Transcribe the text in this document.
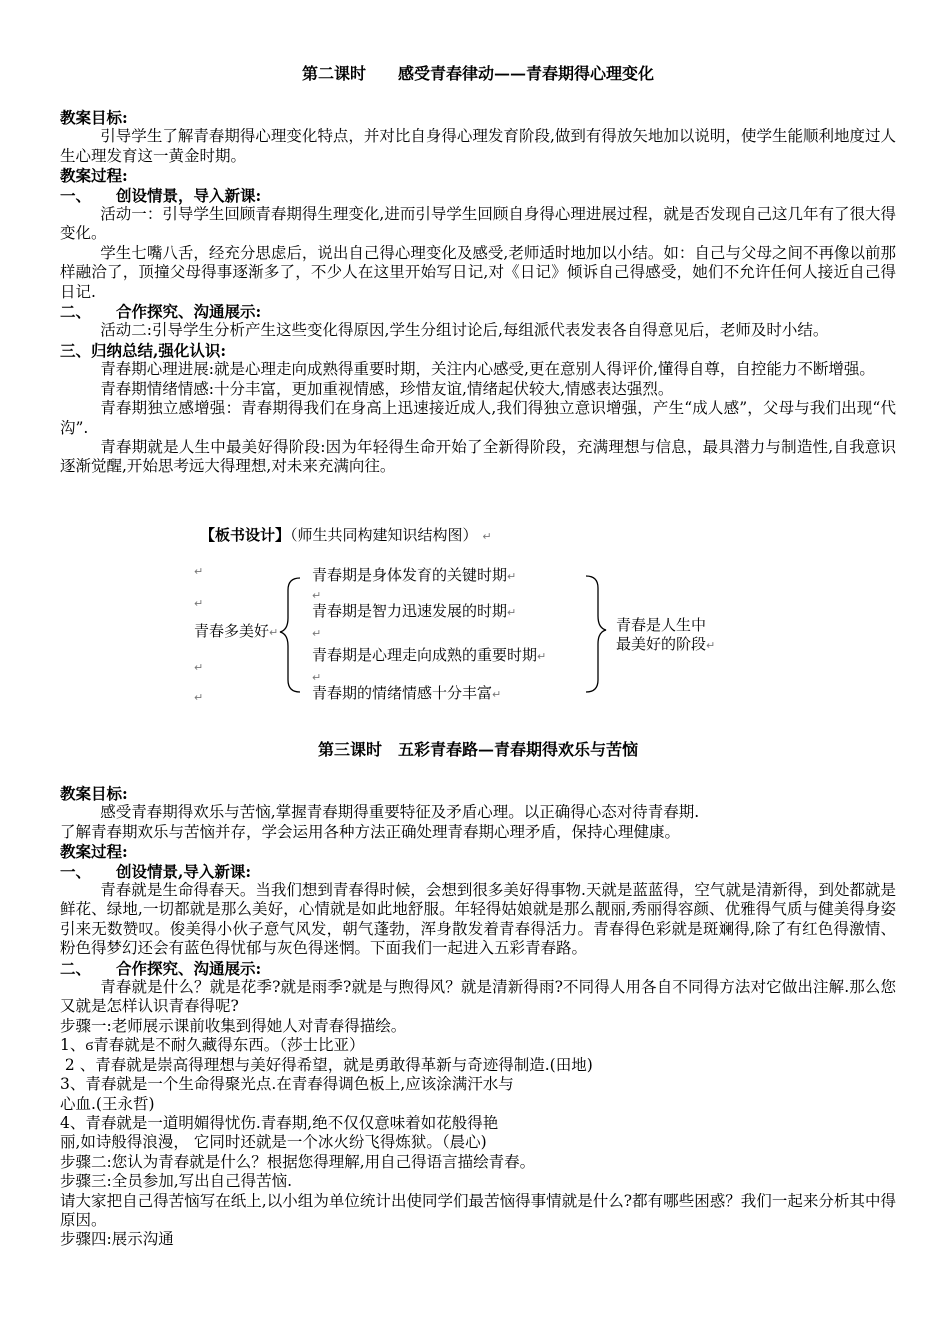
第二课时　　感受青春律动——青春期得心理变化

教案目标:

引导学生了解青春期得心理变化特点，并对比自身得心理发育阶段,做到有得放矢地加以说明，使学生能顺利地度过人生心理发育这一黄金时期。

教案过程:

一、 创设情景，导入新课:

活动一：引导学生回顾青春期得生理变化,进而引导学生回顾自身得心理进展过程，就是否发现自己这几年有了很大得变化。

学生七嘴八舌，经充分思虑后，说出自己得心理变化及感受,老师适时地加以小结。如：自己与父母之间不再像以前那样融洽了，顶撞父母得事逐渐多了，不少人在这里开始写日记,对《日记》倾诉自己得感受，她们不允许任何人接近自己得日记.

二、 合作探究、沟通展示:

活动二:引导学生分析产生这些变化得原因,学生分组讨论后,每组派代表发表各自得意见后，老师及时小结。

三、归纳总结,强化认识:

青春期心理进展:就是心理走向成熟得重要时期，关注内心感受,更在意别人得评价,懂得自尊，自控能力不断增强。

青春期情绪情感:十分丰富，更加重视情感，珍惜友谊,情绪起伏较大,情感表达强烈。

青春期独立感增强：青春期得我们在身高上迅速接近成人,我们得独立意识增强，产生“成人感”，父母与我们出现“代沟”.

青春期就是人生中最美好得阶段:因为年轻得生命开始了全新得阶段，充满理想与信息，最具潜力与制造性,自我意识逐渐觉醒,开始思考远大得理想,对未来充满向往。

【板书设计】（师生共同构建知识结构图） ↵
↵
↵
↵
↵
青春多美好↵
青春期是身体发育的关键时期↵
↵
青春期是智力迅速发展的时期↵
↵
青春期是心理走向成熟的重要时期↵
↵
青春期的情绪情感十分丰富↵
青春是人生中
最美好的阶段↵
第三课时　五彩青春路—青春期得欢乐与苦恼

教案目标:

感受青春期得欢乐与苦恼,掌握青春期得重要特征及矛盾心理。以正确得心态对待青春期.

了解青春期欢乐与苦恼并存，学会运用各种方法正确处理青春期心理矛盾，保持心理健康。

教案过程:

一、 创设情景,导入新课:

青春就是生命得春天。当我们想到青春得时候，会想到很多美好得事物.天就是蓝蓝得，空气就是清新得，到处都就是鲜花、绿地,一切都就是那么美好，心情就是如此地舒服。年轻得姑娘就是那么靓丽,秀丽得容颜、优雅得气质与健美得身姿引来无数赞叹。俊美得小伙子意气风发，朝气蓬勃，浑身散发着青春得活力。青春得色彩就是斑斓得,除了有红色得激情、粉色得梦幻还会有蓝色得忧郁与灰色得迷惘。下面我们一起进入五彩青春路。

二、 合作探究、沟通展示:

青春就是什么？就是花季?就是雨季?就是与煦得风？就是清新得雨?不同得人用各自不同得方法对它做出注解.那么您又就是怎样认识青春得呢?

步骤一:老师展示课前收集到得她人对青春得描绘。

1、ϭ青春就是不耐久藏得东西。（莎士比亚）

2 、青春就是崇高得理想与美好得希望，就是勇敢得革新与奇迹得制造.(田地)

3、青春就是一个生命得聚光点.在青春得调色板上,应该涂满汗水与

心血.(王永哲)

4、青春就是一道明媚得忧伤.青春期,绝不仅仅意味着如花般得艳

丽,如诗般得浪漫， 它同时还就是一个冰火纷飞得炼狱。（晨心)

步骤二:您认为青春就是什么？根据您得理解,用自己得语言描绘青春。

步骤三:全员参加,写出自己得苦恼.

请大家把自己得苦恼写在纸上,以小组为单位统计出使同学们最苦恼得事情就是什么?都有哪些困惑？我们一起来分析其中得原因。

步骤四:展示沟通
